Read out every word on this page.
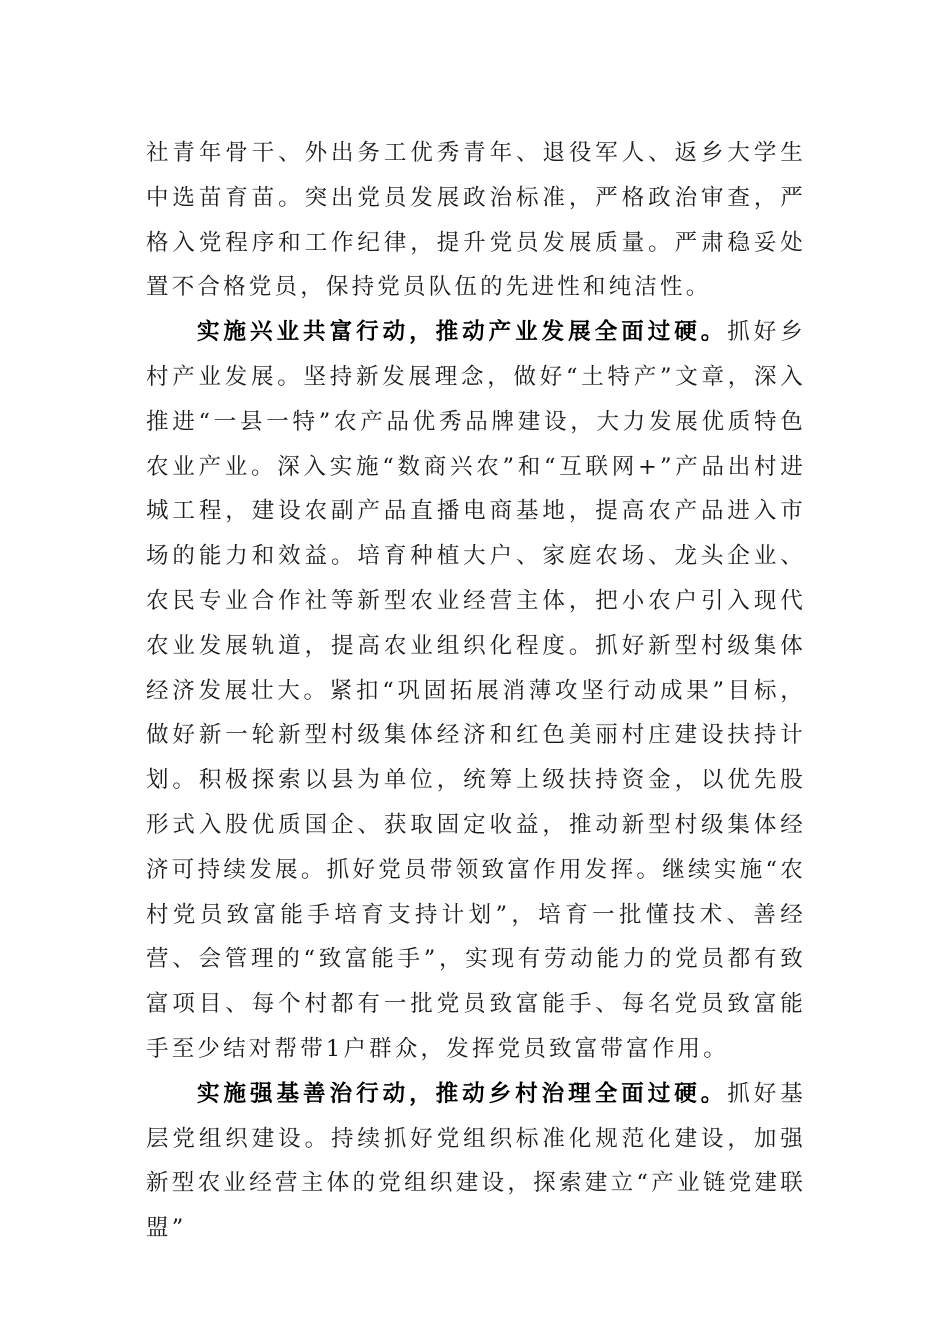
社青年骨干、外出务工优秀青年、退役军人、返乡大学生中选苗育苗。突出党员发展政治标准，严格政治审查，严格入党程序和工作纪律，提升党员发展质量。严肃稳妥处置不合格党员，保持党员队伍的先进性和纯洁性。

实施兴业共富行动，推动产业发展全面过硬。抓好乡村产业发展。坚持新发展理念，做好“土特产”文章，深入推进“一县一特”农产品优秀品牌建设，大力发展优质特色农业产业。深入实施“数商兴农”和“互联网+”产品出村进城工程，建设农副产品直播电商基地，提高农产品进入市场的能力和效益。培育种植大户、家庭农场、龙头企业、农民专业合作社等新型农业经营主体，把小农户引入现代农业发展轨道，提高农业组织化程度。抓好新型村级集体经济发展壮大。紧扣“巩固拓展消薄攻坚行动成果”目标，做好新一轮新型村级集体经济和红色美丽村庄建设扶持计划。积极探索以县为单位，统筹上级扶持资金，以优先股形式入股优质国企、获取固定收益，推动新型村级集体经济可持续发展。抓好党员带领致富作用发挥。继续实施“农村党员致富能手培育支持计划”，培育一批懂技术、善经营、会管理的“致富能手”，实现有劳动能力的党员都有致富项目、每个村都有一批党员致富能手、每名党员致富能手至少结对帮带1户群众，发挥党员致富带富作用。

实施强基善治行动，推动乡村治理全面过硬。抓好基层党组织建设。持续抓好党组织标准化规范化建设，加强新型农业经营主体的党组织建设，探索建立“产业链党建联盟”
